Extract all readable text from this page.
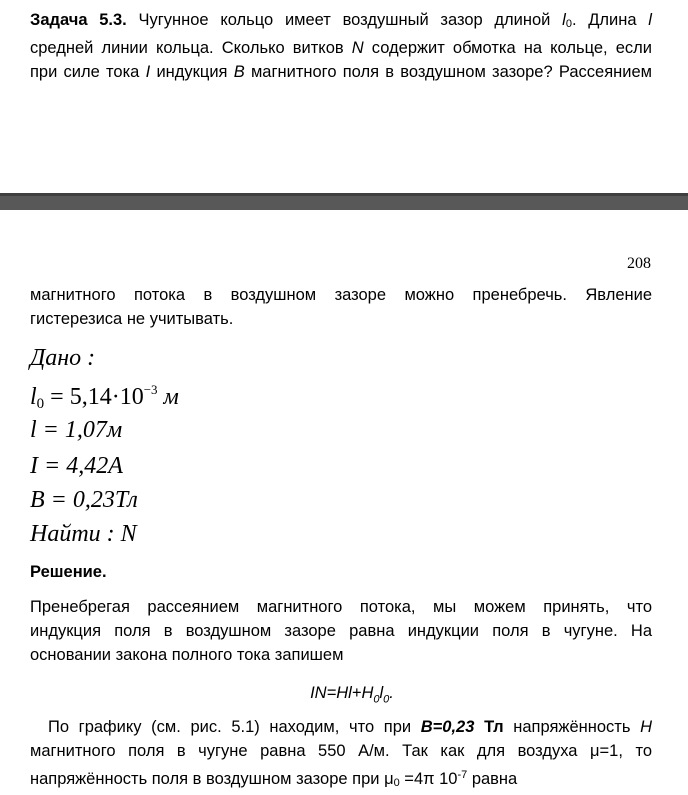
Задача 5.3. Чугунное кольцо имеет воздушный зазор длиной l0. Длина l
средней линии кольца. Сколько витков N содержит обмотка на кольце, если
при силе тока I индукция B магнитного поля в воздушном зазоре? Рассеянием
208
магнитного потока в воздушном зазоре можно пренебречь. Явление
гистерезиса не учитывать.
Дано :
$l_0 = 5,14\cdot 10^{-3}$ м
l = 1,07м
I = 4,42А
B = 0,23Тл
Найти : N
Решение.
Пренебрегая рассеянием магнитного потока, мы можем принять, что
индукция поля в воздушном зазоре равна индукции поля в чугуне. На
основании закона полного тока запишем
$IN=Hl+H_0l_0$.
По графику (см. рис. 5.1) находим, что при B=0,23 Тл напряжённость H
магнитного поля в чугуне равна 550 А/м. Так как для воздуха μ=1, то
напряжённость поля в воздушном зазоре при μ0 =4π $10^{-7}$ равна
